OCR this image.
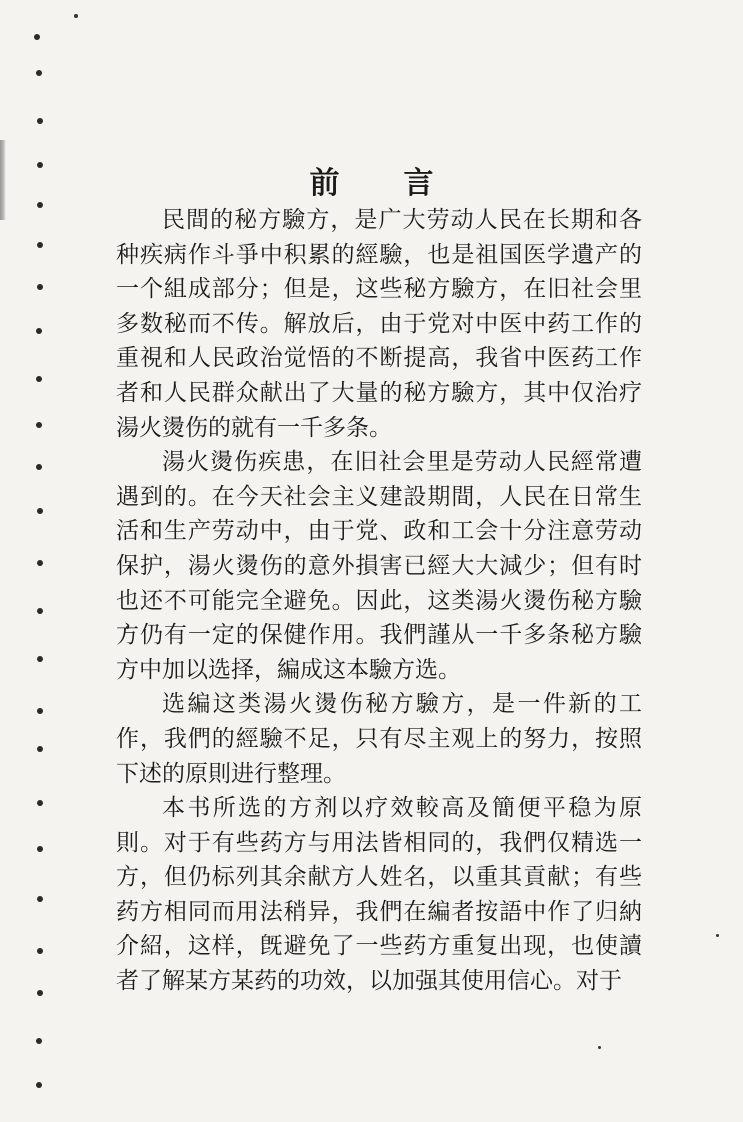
前 言

民間的秘方驗方，是广大劳动人民在长期和各种疾病作斗爭中积累的經驗，也是祖国医学遺产的一个組成部分；但是，这些秘方驗方，在旧社会里多数秘而不传。解放后，由于党对中医中药工作的重視和人民政治觉悟的不断提高，我省中医药工作者和人民群众献出了大量的秘方驗方，其中仅治疗湯火燙伤的就有一千多条。

湯火燙伤疾患，在旧社会里是劳动人民經常遭遇到的。在今天社会主义建設期間，人民在日常生活和生产劳动中，由于党、政和工会十分注意劳动保护，湯火燙伤的意外損害已經大大減少；但有时也还不可能完全避免。因此，这类湯火燙伤秘方驗方仍有一定的保健作用。我們謹从一千多条秘方驗方中加以选择，編成这本驗方选。

选編这类湯火燙伤秘方驗方，是一件新的工作，我們的經驗不足，只有尽主观上的努力，按照下述的原則进行整理。

本书所选的方剂以疗效較高及簡便平稳为原則。对于有些药方与用法皆相同的，我們仅精选一方，但仍标列其余献方人姓名，以重其貢献；有些药方相同而用法稍异，我們在編者按語中作了归納介紹，这样，旣避免了一些药方重复出现，也使讀者了解某方某药的功效，以加强其使用信心。对于
